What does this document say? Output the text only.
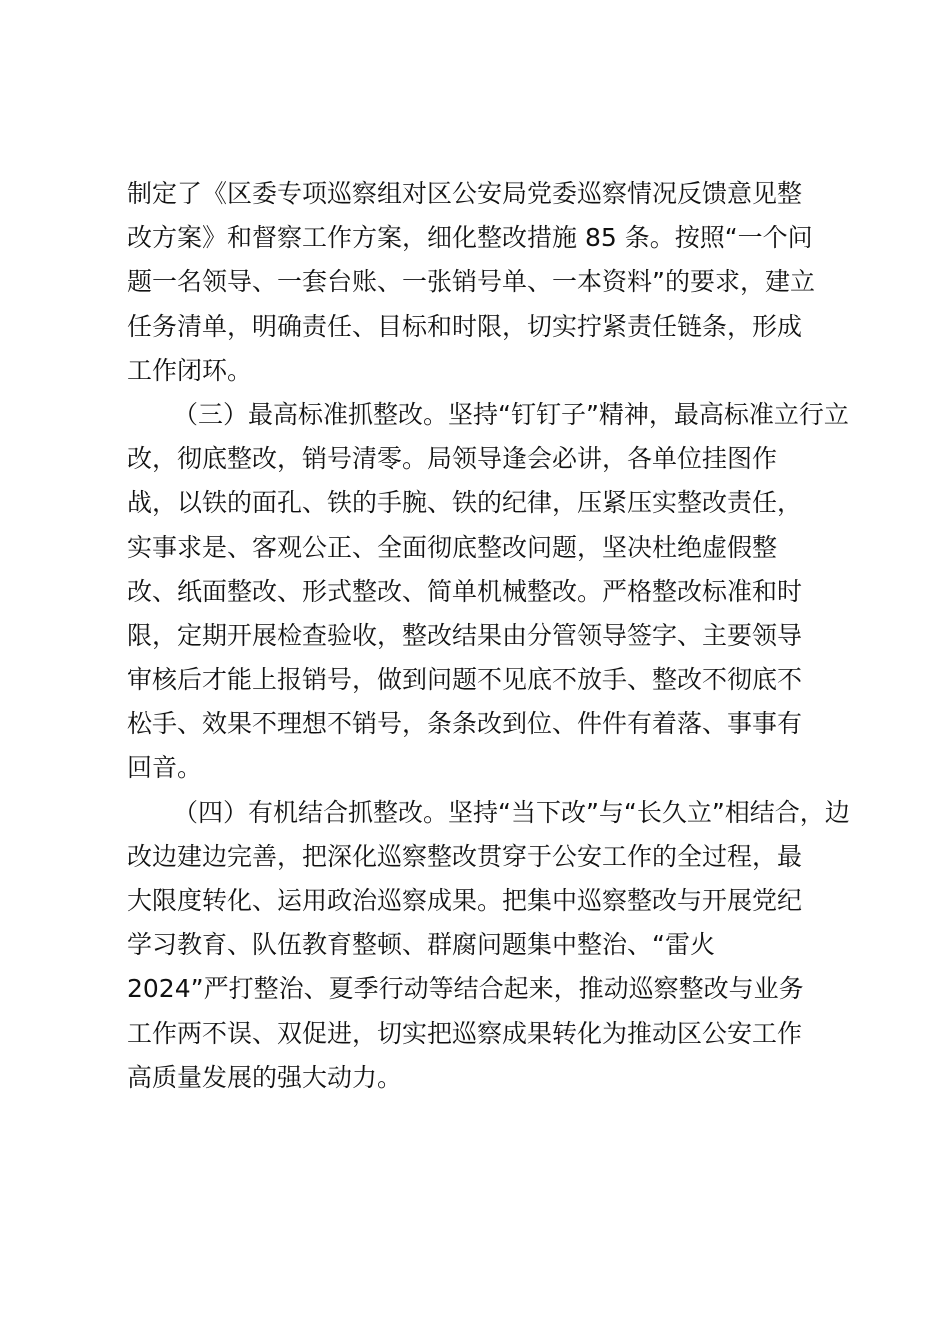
制定了《区委专项巡察组对区公安局党委巡察情况反馈意见整
改方案》和督察工作方案，细化整改措施 85 条。按照“一个问
题一名领导、一套台账、一张销号单、一本资料”的要求，建立
任务清单，明确责任、目标和时限，切实拧紧责任链条，形成
工作闭环。
（三）最高标准抓整改。坚持“钉钉子”精神，最高标准立行立
改，彻底整改，销号清零。局领导逢会必讲，各单位挂图作
战，以铁的面孔、铁的手腕、铁的纪律，压紧压实整改责任，
实事求是、客观公正、全面彻底整改问题，坚决杜绝虚假整
改、纸面整改、形式整改、简单机械整改。严格整改标准和时
限，定期开展检查验收，整改结果由分管领导签字、主要领导
审核后才能上报销号，做到问题不见底不放手、整改不彻底不
松手、效果不理想不销号，条条改到位、件件有着落、事事有
回音。
（四）有机结合抓整改。坚持“当下改”与“长久立”相结合，边
改边建边完善，把深化巡察整改贯穿于公安工作的全过程，最
大限度转化、运用政治巡察成果。把集中巡察整改与开展党纪
学习教育、队伍教育整顿、群腐问题集中整治、“雷火
2024”严打整治、夏季行动等结合起来，推动巡察整改与业务
工作两不误、双促进，切实把巡察成果转化为推动区公安工作
高质量发展的强大动力。
